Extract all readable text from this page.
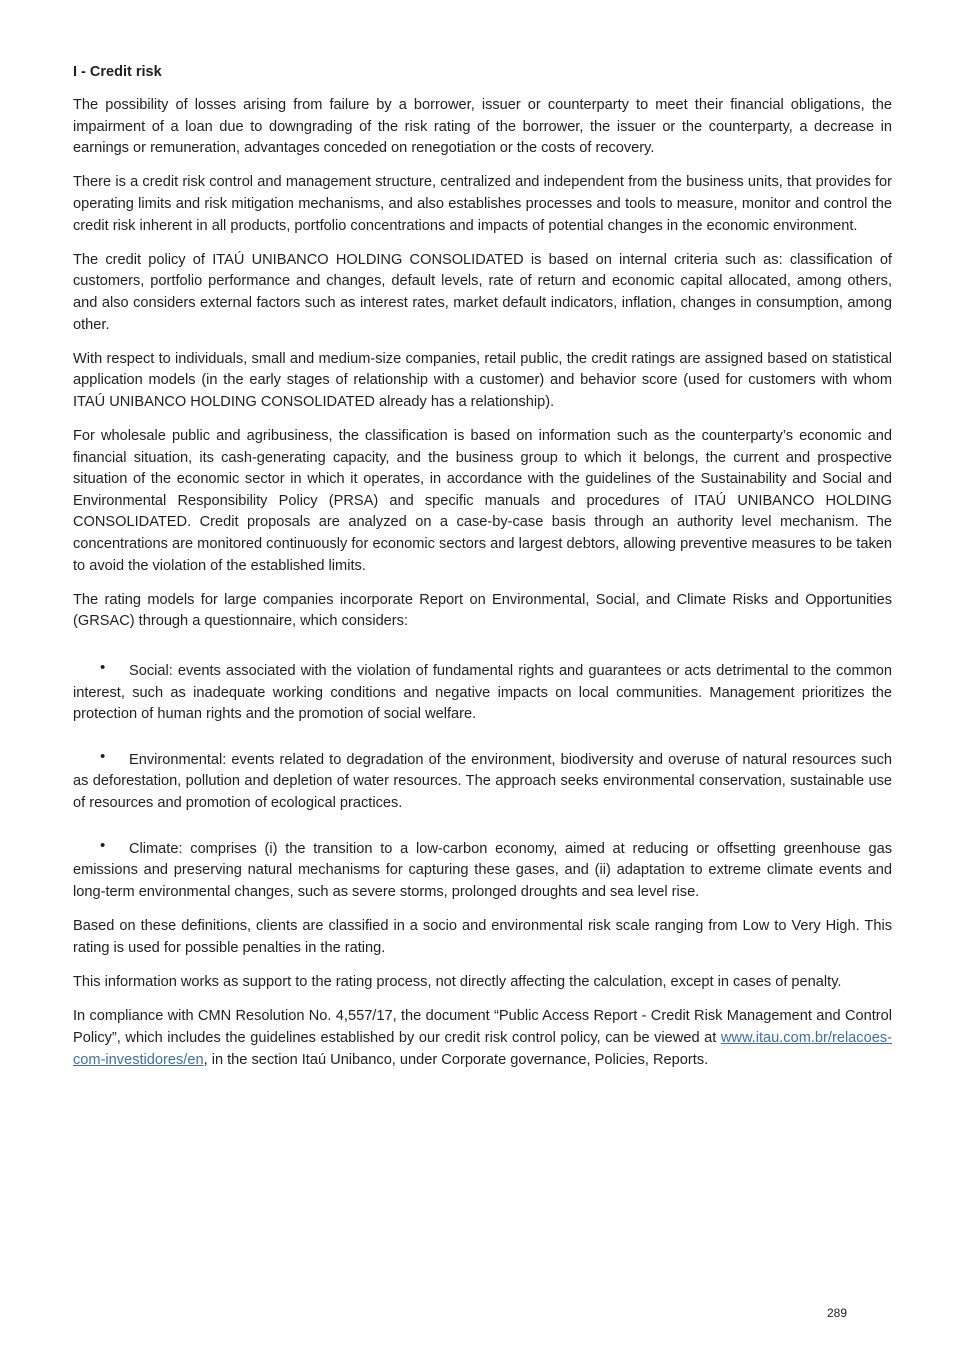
I - Credit risk

The possibility of losses arising from failure by a borrower, issuer or counterparty to meet their financial obligations, the impairment of a loan due to downgrading of the risk rating of the borrower, the issuer or the counterparty, a decrease in earnings or remuneration, advantages conceded on renegotiation or the costs of recovery.

There is a credit risk control and management structure, centralized and independent from the business units, that provides for operating limits and risk mitigation mechanisms, and also establishes processes and tools to measure, monitor and control the credit risk inherent in all products, portfolio concentrations and impacts of potential changes in the economic environment.

The credit policy of ITAÚ UNIBANCO HOLDING CONSOLIDATED is based on internal criteria such as: classification of customers, portfolio performance and changes, default levels, rate of return and economic capital allocated, among others, and also considers external factors such as interest rates, market default indicators, inflation, changes in consumption, among other.

With respect to individuals, small and medium-size companies, retail public, the credit ratings are assigned based on statistical application models (in the early stages of relationship with a customer) and behavior score (used for customers with whom ITAÚ UNIBANCO HOLDING CONSOLIDATED already has a relationship).

For wholesale public and agribusiness, the classification is based on information such as the counterparty’s economic and financial situation, its cash-generating capacity, and the business group to which it belongs, the current and prospective situation of the economic sector in which it operates, in accordance with the guidelines of the Sustainability and Social and Environmental Responsibility Policy (PRSA) and specific manuals and procedures of ITAÚ UNIBANCO HOLDING CONSOLIDATED. Credit proposals are analyzed on a case-by-case basis through an authority level mechanism. The concentrations are monitored continuously for economic sectors and largest debtors, allowing preventive measures to be taken to avoid the violation of the established limits.

The rating models for large companies incorporate Report on Environmental, Social, and Climate Risks and Opportunities (GRSAC) through a questionnaire, which considers:

• Social: events associated with the violation of fundamental rights and guarantees or acts detrimental to the common interest, such as inadequate working conditions and negative impacts on local communities. Management prioritizes the protection of human rights and the promotion of social welfare.

• Environmental: events related to degradation of the environment, biodiversity and overuse of natural resources such as deforestation, pollution and depletion of water resources. The approach seeks environmental conservation, sustainable use of resources and promotion of ecological practices.

• Climate: comprises (i) the transition to a low-carbon economy, aimed at reducing or offsetting greenhouse gas emissions and preserving natural mechanisms for capturing these gases, and (ii) adaptation to extreme climate events and long-term environmental changes, such as severe storms, prolonged droughts and sea level rise.

Based on these definitions, clients are classified in a socio and environmental risk scale ranging from Low to Very High. This rating is used for possible penalties in the rating.

This information works as support to the rating process, not directly affecting the calculation, except in cases of penalty.

In compliance with CMN Resolution No. 4,557/17, the document “Public Access Report - Credit Risk Management and Control Policy”, which includes the guidelines established by our credit risk control policy, can be viewed at www.itau.com.br/relacoes-com-investidores/en, in the section Itaú Unibanco, under Corporate governance, Policies, Reports.

289
